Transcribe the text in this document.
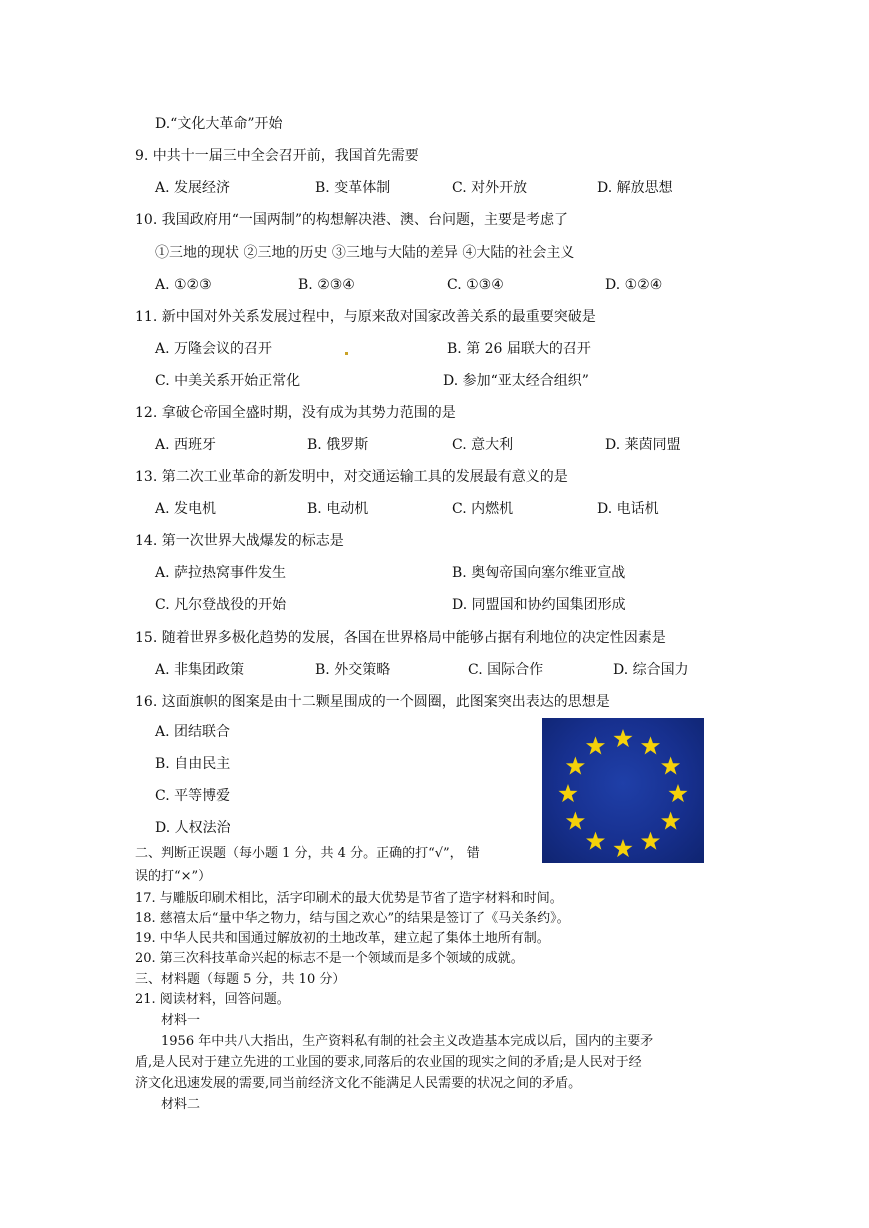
D.“文化大革命”开始
9. 中共十一届三中全会召开前，我国首先需要
A. 发展经济	B. 变革体制	C. 对外开放	D. 解放思想
10. 我国政府用“一国两制”的构想解决港、澳、台问题，主要是考虑了
①三地的现状 ②三地的历史 ③三地与大陆的差异 ④大陆的社会主义
A. ①②③	B. ②③④	C. ①③④	D. ①②④
11. 新中国对外关系发展过程中，与原来敌对国家改善关系的最重要突破是
A. 万隆会议的召开	B. 第 26 届联大的召开
C. 中美关系开始正常化	D. 参加“亚太经合组织”
12. 拿破仑帝国全盛时期，没有成为其势力范围的是
A. 西班牙	B. 俄罗斯	C. 意大利	D. 莱茵同盟
13. 第二次工业革命的新发明中，对交通运输工具的发展最有意义的是
A. 发电机	B. 电动机	C. 内燃机	D. 电话机
14. 第一次世界大战爆发的标志是
A. 萨拉热窝事件发生	B. 奥匈帝国向塞尔维亚宣战
C. 凡尔登战役的开始	D. 同盟国和协约国集团形成
15. 随着世界多极化趋势的发展，各国在世界格局中能够占据有利地位的决定性因素是
A. 非集团政策	B. 外交策略	C. 国际合作	D. 综合国力
16. 这面旗帜的图案是由十二颗星围成的一个圆圈，此图案突出表达的思想是
A. 团结联合
B. 自由民主
C. 平等博爱
D. 人权法治
二、判断正误题（每小题 1 分，共 4 分。正确的打“√”， 错
误的打“×”）
17. 与雕版印刷术相比，活字印刷术的最大优势是节省了造字材料和时间。
18. 慈禧太后“量中华之物力，结与国之欢心”的结果是签订了《马关条约》。
19. 中华人民共和国通过解放初的土地改革，建立起了集体土地所有制。
20. 第三次科技革命兴起的标志不是一个领域而是多个领域的成就。
三、材料题（每题 5 分，共 10 分）
21. 阅读材料，回答问题。
材料一
1956 年中共八大指出，生产资料私有制的社会主义改造基本完成以后，国内的主要矛
盾,是人民对于建立先进的工业国的要求,同落后的农业国的现实之间的矛盾;是人民对于经
济文化迅速发展的需要,同当前经济文化不能满足人民需要的状况之间的矛盾。
材料二
